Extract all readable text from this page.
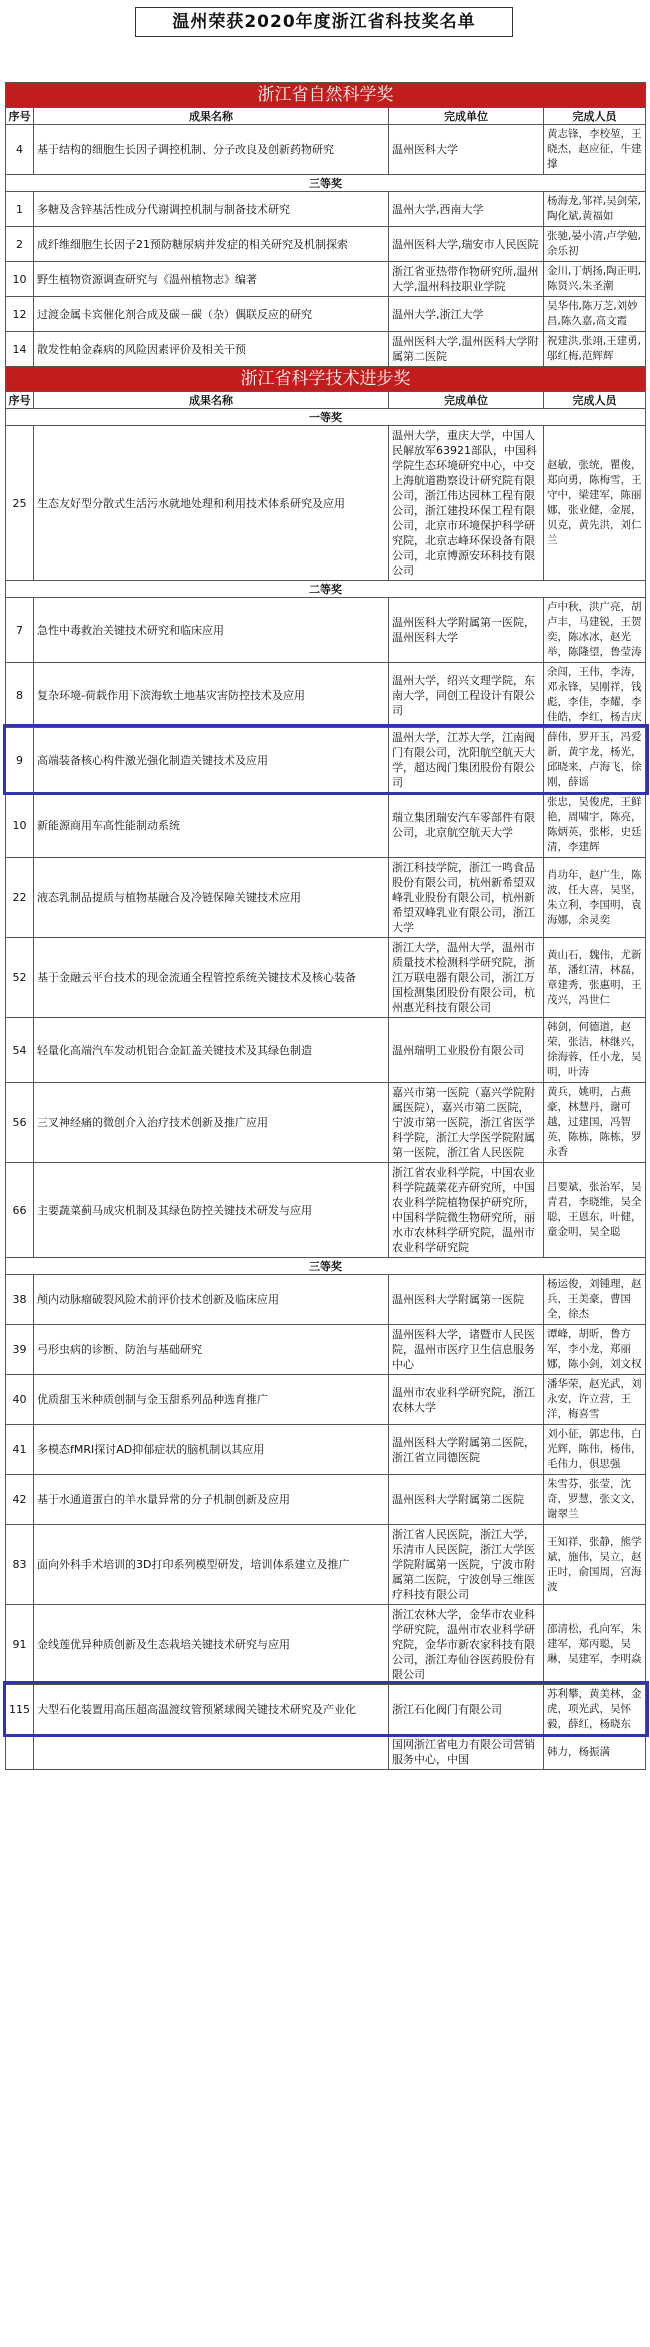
温州荣获2020年度浙江省科技奖名单
浙江省自然科学奖			
序号	成果名称	完成单位	完成人员
4	基于结构的细胞生长因子调控机制、分子改良及创新药物研究	温州医科大学	黄志锋，李校堃，王晓杰，赵应征，牛建撑
三等奖			
1	多糖及含锌基活性成分代谢调控机制与制备技术研究	温州大学,西南大学	杨海龙,邹祥,吴剑荣,陶化斌,黄福如
2	成纤维细胞生长因子21预防糖尿病并发症的相关研究及机制探索	温州医科大学,瑞安市人民医院	张驰,晏小清,卢学勉,余乐初
10	野生植物资源调查研究与《温州植物志》编著	浙江省亚热带作物研究所,温州大学,温州科技职业学院	金川,丁炳扬,陶正明,陈贤兴,朱圣潮
12	过渡金属卡宾催化剂合成及碳－碳（杂）偶联反应的研究	温州大学,浙江大学	吴华伟,陈万芝,刘妙昌,陈久嘉,高文霞
14	散发性帕金森病的风险因素评价及相关干预	温州医科大学,温州医科大学附属第二医院	祝建洪,张翊,王建勇,邬红梅,范辉辉
浙江省科学技术进步奖			
序号	成果名称	完成单位	完成人员
一等奖			
25	生态友好型分散式生活污水就地处理和利用技术体系研究及应用	温州大学，重庆大学，中国人民解放军63921部队，中国科学院生态环境研究中心，中交上海航道勘察设计研究院有限公司，浙江伟达园林工程有限公司，浙江建投环保工程有限公司，北京市环境保护科学研究院，北京志峰环保设备有限公司，北京博源安环科技有限公司	赵敏，张统，瞿俊，郑向勇，陈梅雪，王守中，梁建军，陈丽娜，张业健，金展，贝克，黄先洪，刘仁兰
二等奖			
7	急性中毒救治关键技术研究和临床应用	温州医科大学附属第一医院，温州医科大学	卢中秋，洪广亮，胡卢丰，马建锐，王贺奕，陈冰冰，赵光举，陈隆望，鲁莹涛
8	复杂环境-荷载作用下滨海软土地基灾害防控技术及应用	温州大学，绍兴文理学院，东南大学，同创工程设计有限公司	余闯，王伟，李涛，邓永锋，吴刚祥，钱彪，李佳，李耀，李佳皓，李红，杨吉庆
9	高端装备核心构件激光强化制造关键技术及应用	温州大学，江苏大学，江南阀门有限公司，沈阳航空航天大学，超达阀门集团股份有限公司	薛伟，罗开玉，冯爱新，黄宇龙，杨光，邱晓来，卢海飞，徐刚，薛谣
10	新能源商用车高性能制动系统	瑞立集团瑞安汽车零部件有限公司，北京航空航天大学	张忠，吴俊虎，王鲜艳，周啸宇，陈亮，陈炳英，张彬，史廷清，李建辉
22	液态乳制品提质与植物基融合及冷链保障关键技术应用	浙江科技学院，浙江一鸣食品股份有限公司，杭州新希望双峰乳业股份有限公司，杭州新希望双峰乳业有限公司，浙江大学	肖功年，赵广生，陈波，任大喜，吴坚，朱立利，李国明，袁海娜，余灵奕
52	基于金融云平台技术的现金流通全程管控系统关键技术及核心装备	浙江大学，温州大学，温州市质量技术检测科学研究院，浙江万联电器有限公司，浙江万国检测集团股份有限公司，杭州惠光科技有限公司	黄山石，魏伟，尤新革，潘红清，林磊，章建秀，张惠明，王茂兴，冯世仁
54	轻量化高端汽车发动机铝合金缸盖关键技术及其绿色制造	温州瑞明工业股份有限公司	韩剑，何德道，赵荣，张洁，林继兴，徐海蓉，任小龙，吴明，叶涛
56	三叉神经痛的微创介入治疗技术创新及推广应用	嘉兴市第一医院（嘉兴学院附属医院），嘉兴市第二医院，宁波市第一医院，浙江省医学科学院，浙江大学医学院附属第一医院，浙江省人民医院	黄兵，姚明，占燕豪，林慧丹，谢可越，过建国，冯智英，陈栋，陈栋，罗永香
66	主要蔬菜蓟马成灾机制及其绿色防控关键技术研发与应用	浙江省农业科学院，中国农业科学院蔬菜花卉研究所，中国农业科学院植物保护研究所，中国科学院微生物研究所，丽水市农林科学研究院，温州市农业科学研究院	吕要斌，张治军，吴青君，李晓维，吴全聪，王恩东，叶健，童金明，吴全聪
三等奖			
38	颅内动脉瘤破裂风险术前评价技术创新及临床应用	温州医科大学附属第一医院	杨运俊，刘锺理，赵兵，王美豪，曹国全，徐杰
39	弓形虫病的诊断、防治与基础研究	温州医科大学，诸暨市人民医院，温州市医疗卫生信息服务中心	谭峰，胡昕，鲁方军，李小龙，郑丽娜，陈小剑，刘文权
40	优质甜玉米种质创制与金玉甜系列品种选育推广	温州市农业科学研究院，浙江农林大学	潘华荣，赵光武，刘永安，许立营，王洋，梅喜雪
41	多模态fMRI探讨AD抑郁症状的脑机制以其应用	温州医科大学附属第二医院，浙江省立同德医院	刘小征，郭忠伟，白光辉，陈伟，杨伟，毛伟力，俱思强
42	基于水通道蛋白的羊水量异常的分子机制创新及应用	温州医科大学附属第二医院	朱雪芬，张莹，沈奇，罗慧，张文文，谢翠兰
83	面向外科手术培训的3D打印系列模型研发，培训体系建立及推广	浙江省人民医院，浙江大学，乐清市人民医院，浙江大学医学院附属第一医院，宁波市附属第二医院，宁波创导三维医疗科技有限公司	王知祥，张静，熊学斌，施伟，吴立，赵正吋，俞国周，宫海波
91	金线莲优异种质创新及生态栽培关键技术研究与应用	浙江农林大学，金华市农业科学研究院，温州市农业科学研究院，金华市新农家科技有限公司，浙江寿仙谷医药股份有限公司	邵清松，孔向军，朱建军，郑丙聪，吴琳，吴建军，李明焱
115	大型石化装置用高压超高温渡纹管预紧球阀关键技术研究及产业化	浙江石化阀门有限公司	苏利攀，黄美林，金虎，项光武，吴怀毅，薛红，杨晓东
		国网浙江省电力有限公司营销服务中心，中国	韩力，杨振满
